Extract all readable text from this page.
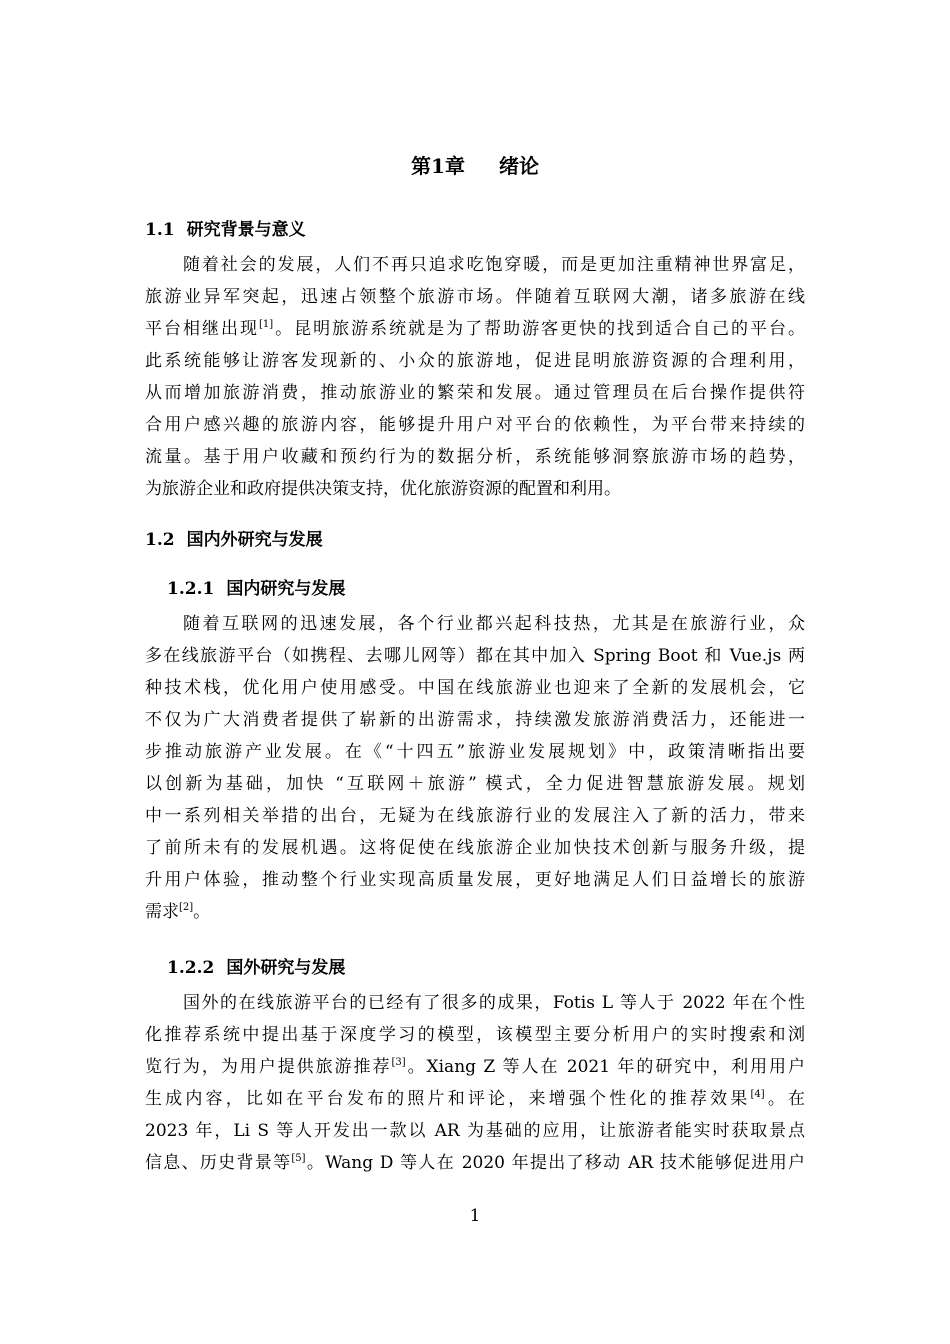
第1章 绪论
1.1 研究背景与意义
随着社会的发展，人们不再只追求吃饱穿暖，而是更加注重精神世界富足，
旅游业异军突起，迅速占领整个旅游市场。伴随着互联网大潮，诸多旅游在线
平台相继出现[1]。昆明旅游系统就是为了帮助游客更快的找到适合自己的平台。
此系统能够让游客发现新的、小众的旅游地，促进昆明旅游资源的合理利用，
从而增加旅游消费，推动旅游业的繁荣和发展。通过管理员在后台操作提供符
合用户感兴趣的旅游内容，能够提升用户对平台的依赖性，为平台带来持续的
流量。基于用户收藏和预约行为的数据分析，系统能够洞察旅游市场的趋势，
为旅游企业和政府提供决策支持，优化旅游资源的配置和利用。
1.2 国内外研究与发展
1.2.1 国内研究与发展
随着互联网的迅速发展，各个行业都兴起科技热，尤其是在旅游行业，众
多在线旅游平台（如携程、去哪儿网等）都在其中加入 Spring Boot 和 Vue.js 两
种技术栈，优化用户使用感受。中国在线旅游业也迎来了全新的发展机会，它
不仅为广大消费者提供了崭新的出游需求，持续激发旅游消费活力，还能进一
步推动旅游产业发展。在《“十四五”旅游业发展规划》中，政策清晰指出要
以创新为基础，加快 “互联网＋旅游” 模式，全力促进智慧旅游发展。规划
中一系列相关举措的出台，无疑为在线旅游行业的发展注入了新的活力，带来
了前所未有的发展机遇。这将促使在线旅游企业加快技术创新与服务升级，提
升用户体验，推动整个行业实现高质量发展，更好地满足人们日益增长的旅游
需求[2]。
1.2.2 国外研究与发展
国外的在线旅游平台的已经有了很多的成果，Fotis L 等人于 2022 年在个性
化推荐系统中提出基于深度学习的模型，该模型主要分析用户的实时搜索和浏
览行为，为用户提供旅游推荐[3]。Xiang Z 等人在 2021 年的研究中，利用用户
生成内容，比如在平台发布的照片和评论，来增强个性化的推荐效果[4]。在
2023 年，Li S 等人开发出一款以 AR 为基础的应用，让旅游者能实时获取景点
信息、历史背景等[5]。Wang D 等人在 2020 年提出了移动 AR 技术能够促进用户
1
